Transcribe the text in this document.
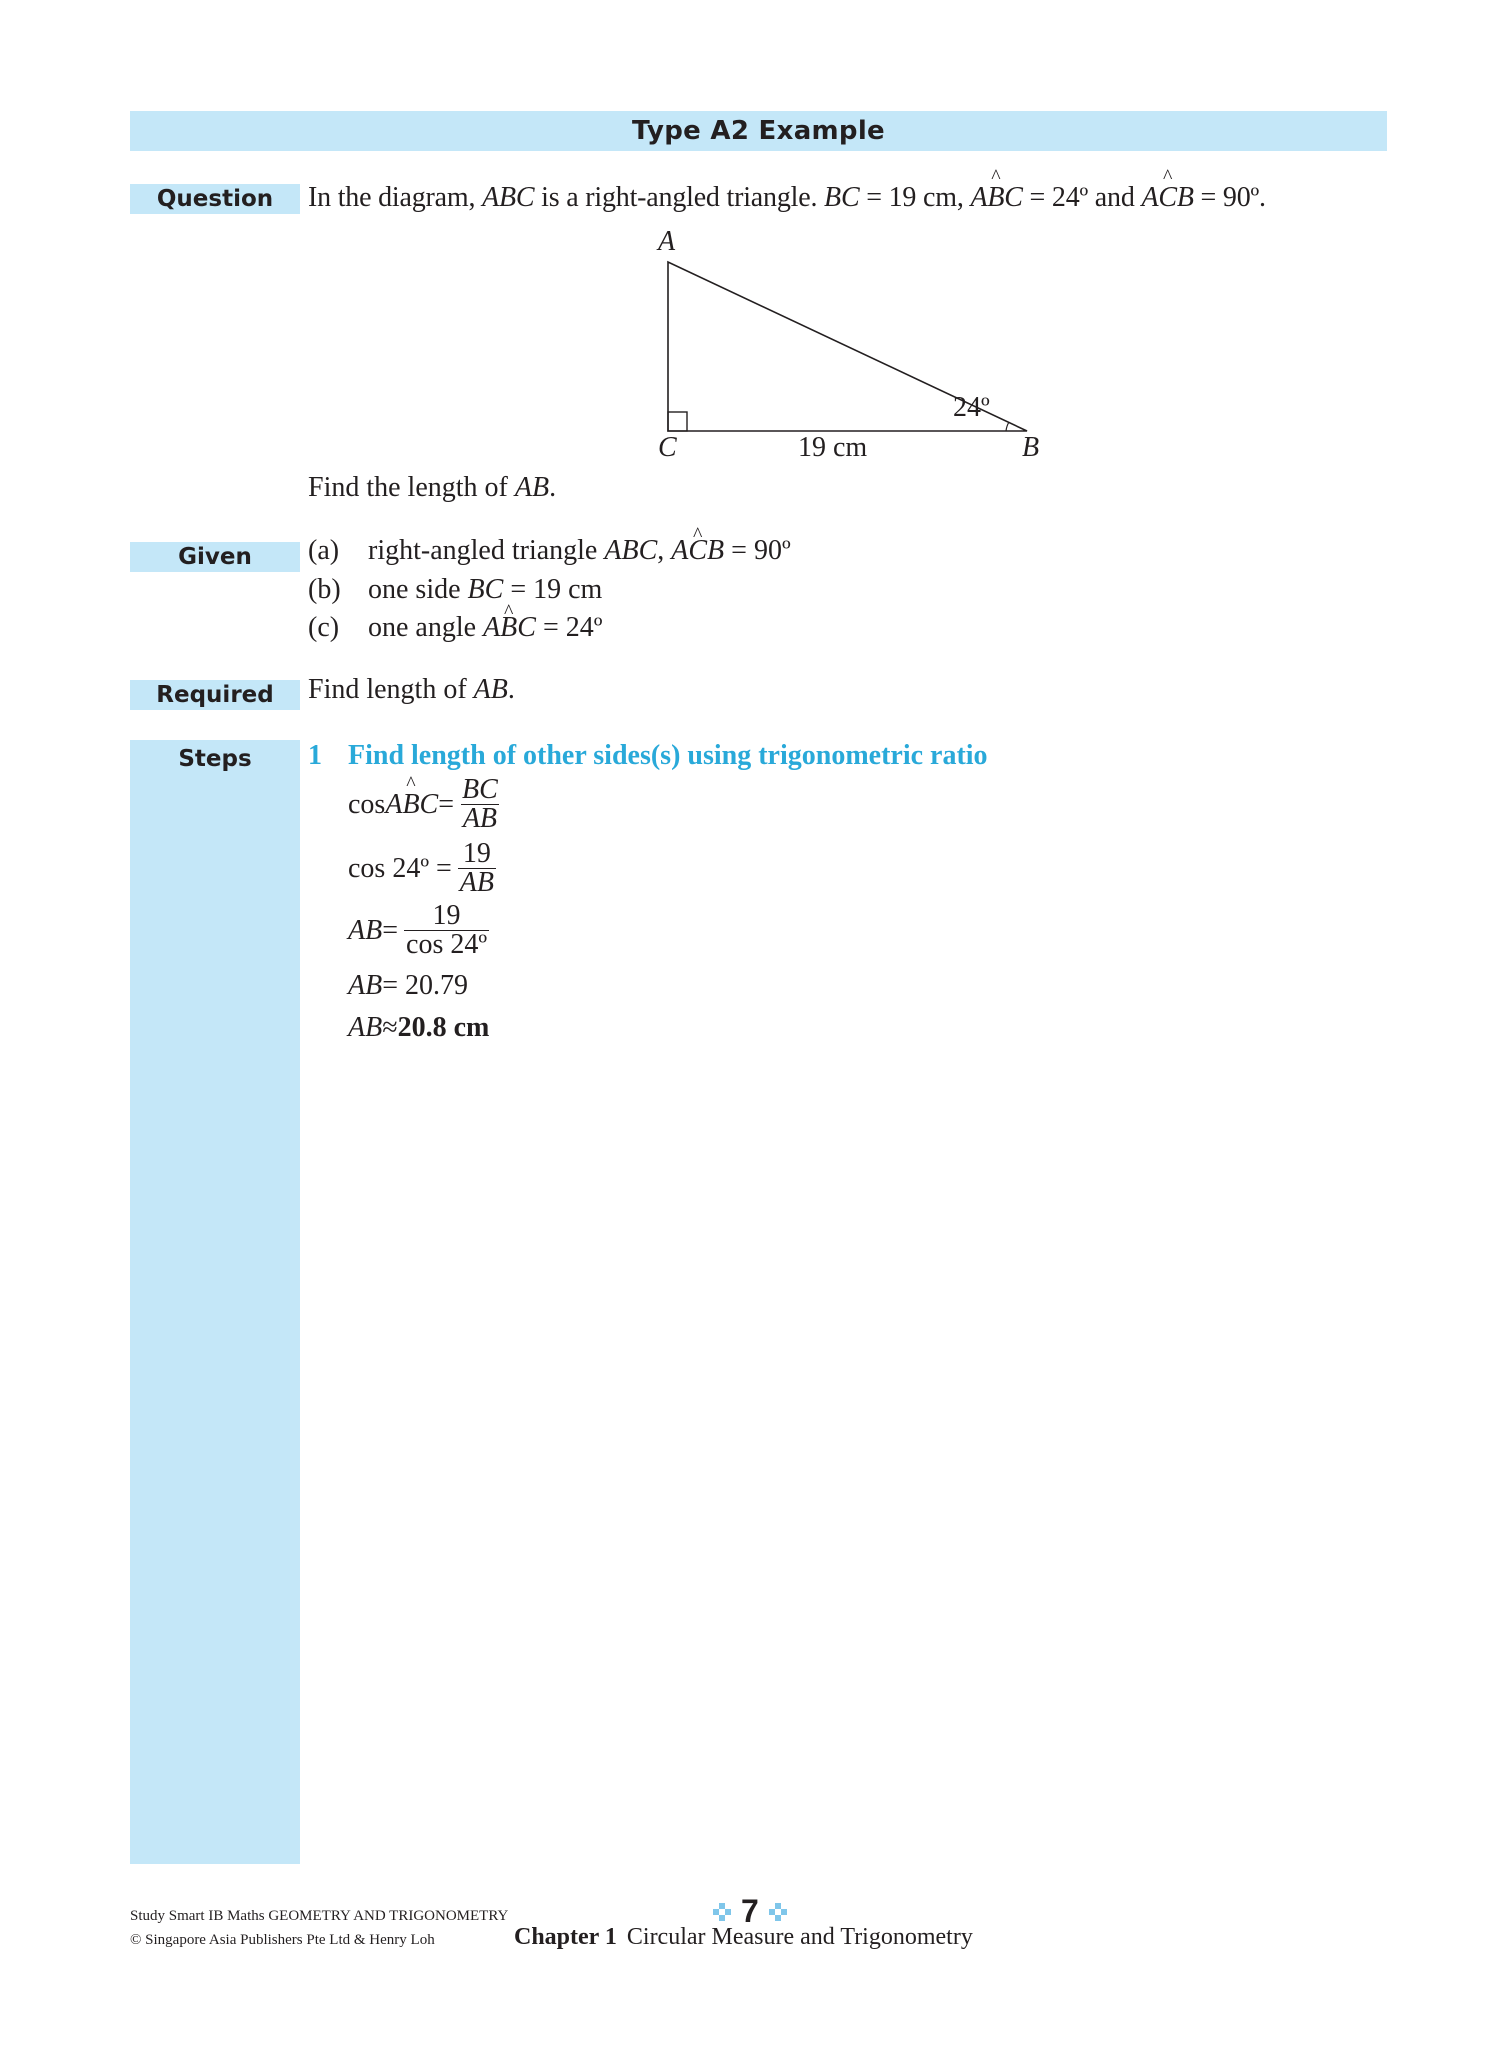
Type A2 Example
Question	In the diagram, ABC is a right-angled triangle. BC = 19 cm, A^ BC = 24º and A^ CB = 90º.
A
C	B
19 cm
24º
Find the length of AB.
Given	(a)	right-angled triangle ABC, A^ CB = 90º
(b) one side BC = 19 cm
(c)	one angle A^ BC = 24º
Required	Find length of AB.
Steps	1 Find length of other sides(s) using trigonometric ratio
cos A ^ B $C = \frac{BC}{AB}$
cos 24º = $\frac{19}{AB}$
AB = $\frac{19}{\text{cos 24º}}$
AB = 20.79
AB ≈ 20.8 cm
Study Smart IB Maths GEOMETRY AND TRIGONOMETRY
© Singapore Asia Publishers Pte Ltd & Henry Loh
7
Chapter 1 Circular Measure and Trigonometry
